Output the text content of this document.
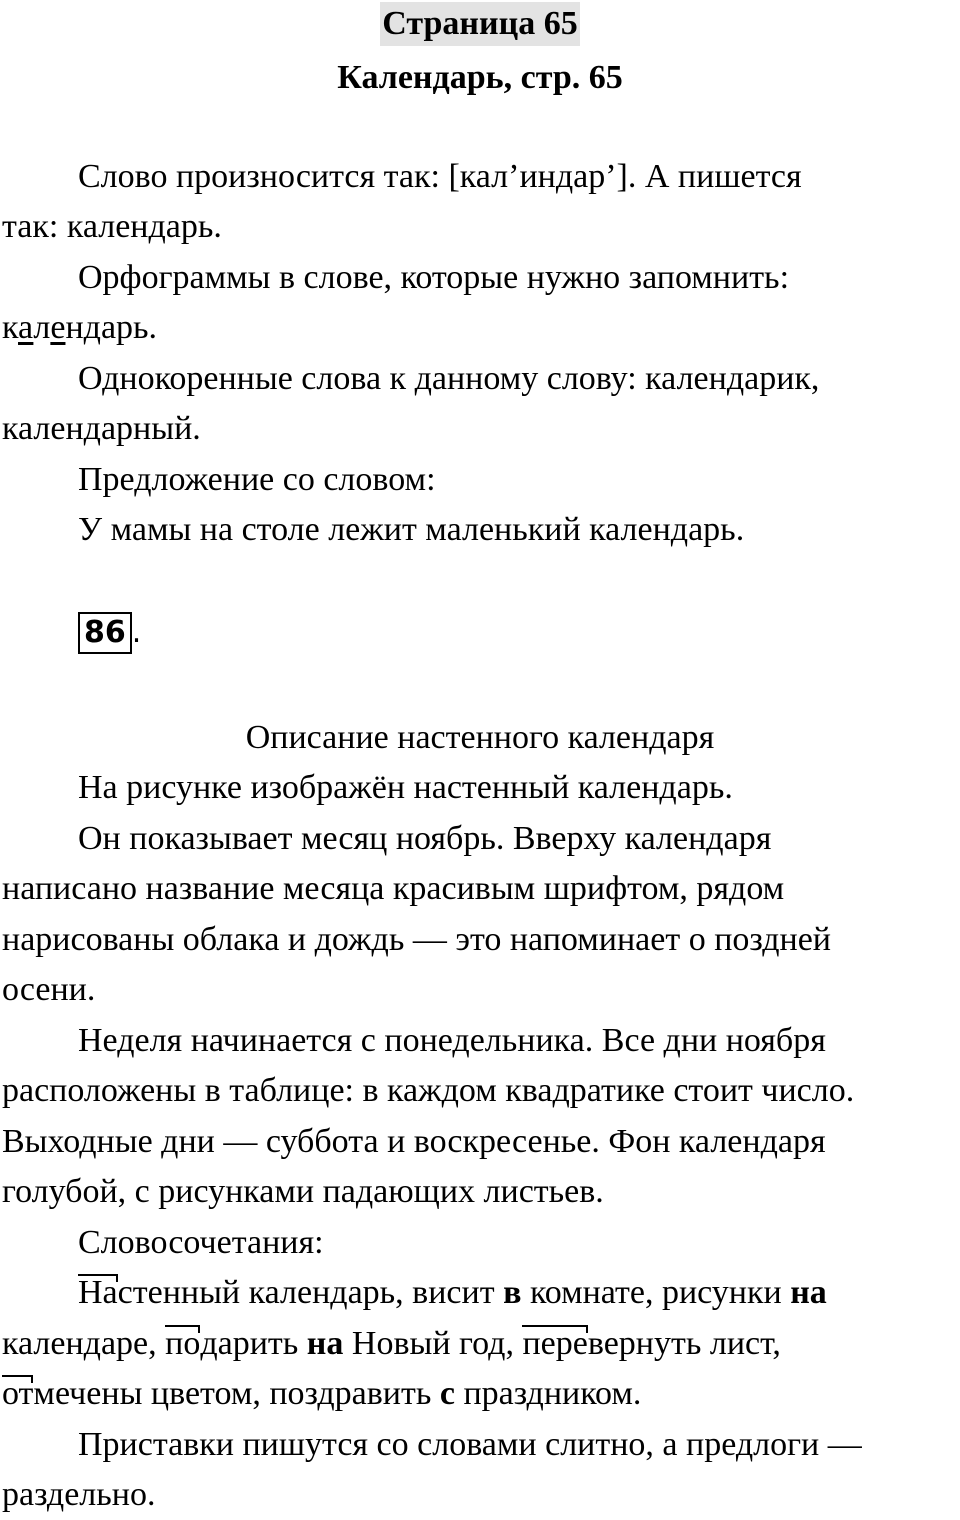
Страница 65
Календарь, стр. 65
Слово произносится так: [кал’индар’]. А пишется
так: календарь.
Орфограммы в слове, которые нужно запомнить:
календарь.
Однокоренные слова к данному слову: календарик,
календарный.
Предложение со словом:
У мамы на столе лежит маленький календарь.
86 .
Описание настенного календаря
На рисунке изображён настенный календарь.
Он показывает месяц ноябрь. Вверху календаря
написано название месяца красивым шрифтом, рядом
нарисованы облака и дождь — это напоминает о поздней
осени.
Неделя начинается с понедельника. Все дни ноября
расположены в таблице: в каждом квадратике стоит число.
Выходные дни — суббота и воскресенье. Фон календаря
голубой, с рисунками падающих листьев.
Словосочетания:
Настенный календарь, висит в комнате, рисунки на
календаре, подарить на Новый год, перевернуть лист,
отмечены цветом, поздравить с праздником.
Приставки пишутся со словами слитно, а предлоги —
раздельно.
